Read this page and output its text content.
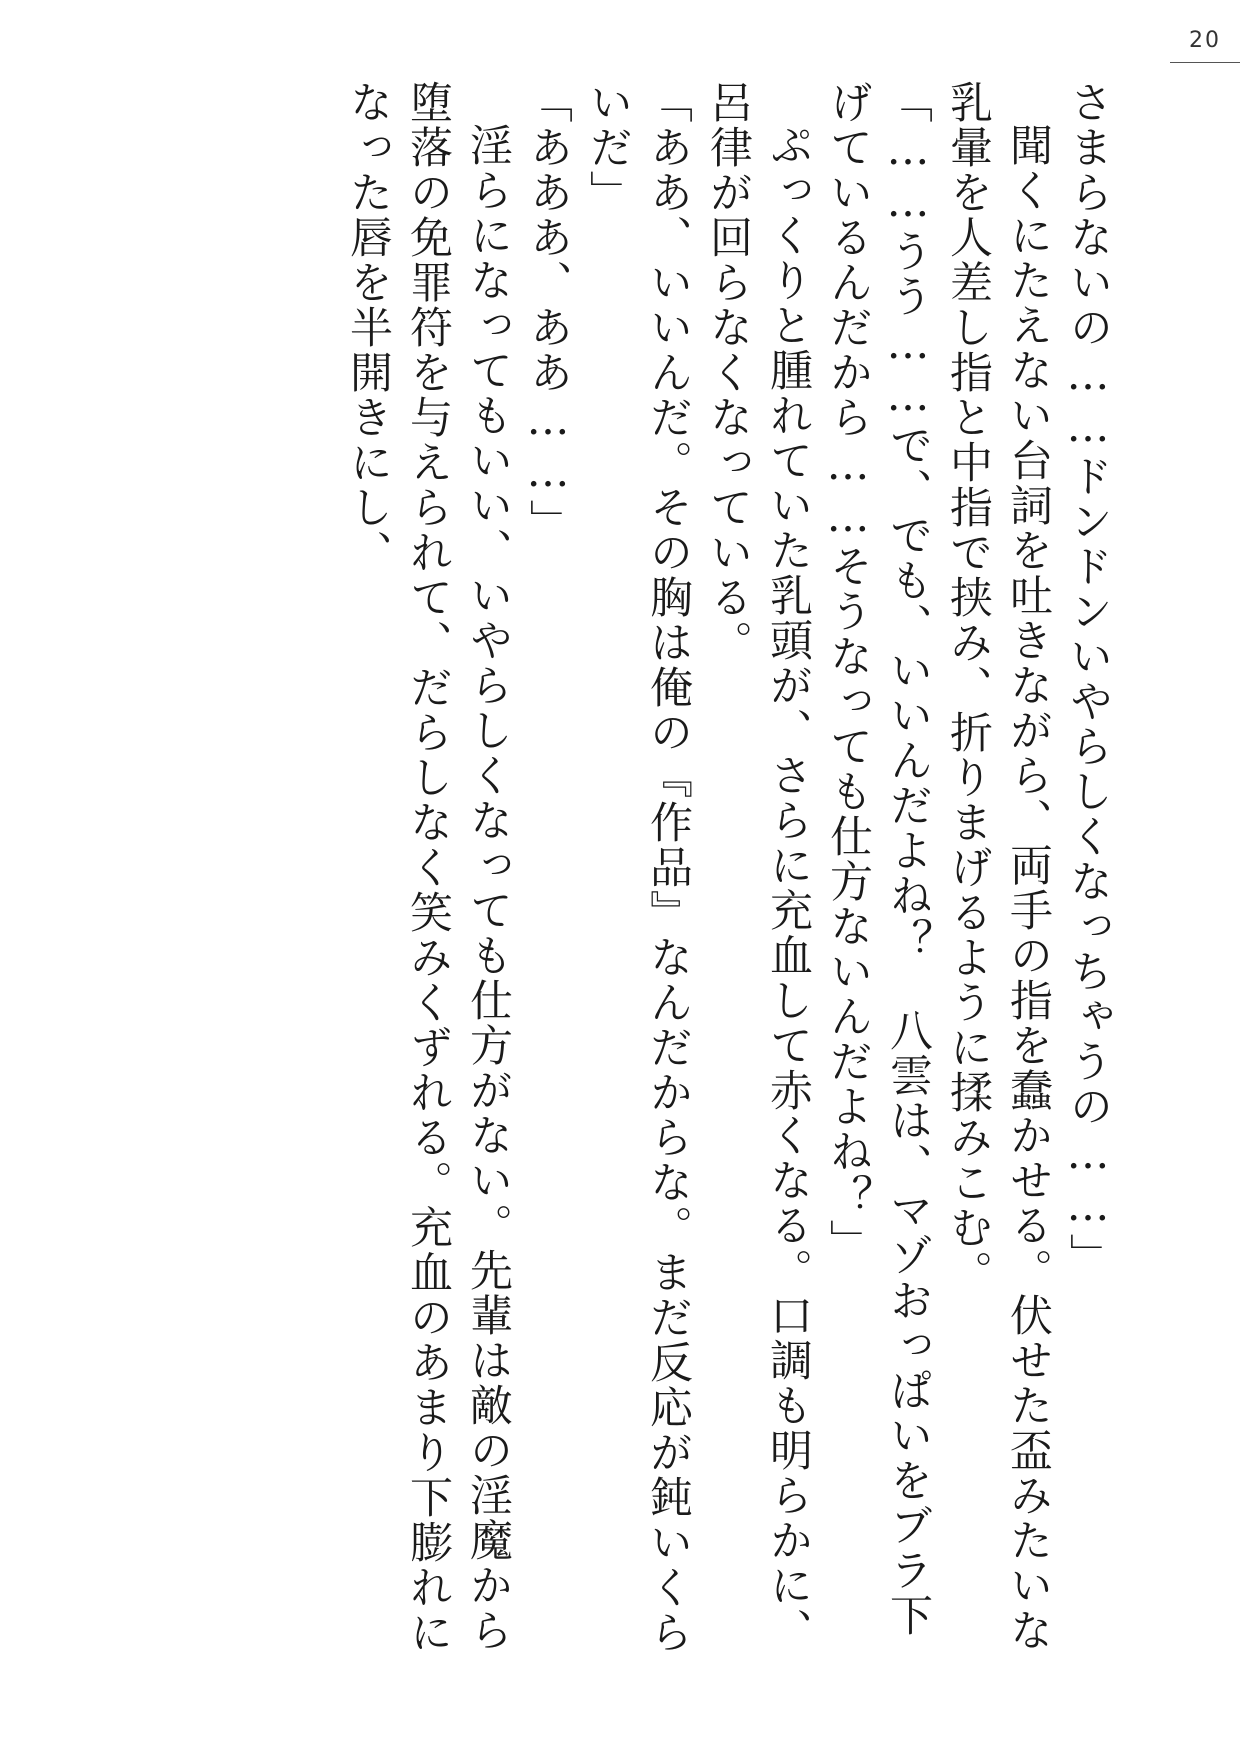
20

さまらないの……ドンドンいやらしくなっちゃうの……」

聞くにたえない台詞を吐きながら、両手の指を蠢かせる。伏せた盃みたいな乳暈を人差し指と中指で挟み、折りまげるように揉みこむ。

「……うう……で、でも、いいんだよね？　八雲は、マゾおっぱいをブラ下げているんだから……そうなっても仕方ないんだよね？」

ぷっくりと腫れていた乳頭が、さらに充血して赤くなる。口調も明らかに、呂律が回らなくなっている。

「ああ、いいんだ。その胸は俺の『作品』なんだからな。まだ反応が鈍いくらいだ」

「あああ、ああ……」

淫らになってもいい、いやらしくなっても仕方がない。先輩は敵の淫魔から堕落の免罪符を与えられて、だらしなく笑みくずれる。充血のあまり下膨れになった唇を半開きにし、
